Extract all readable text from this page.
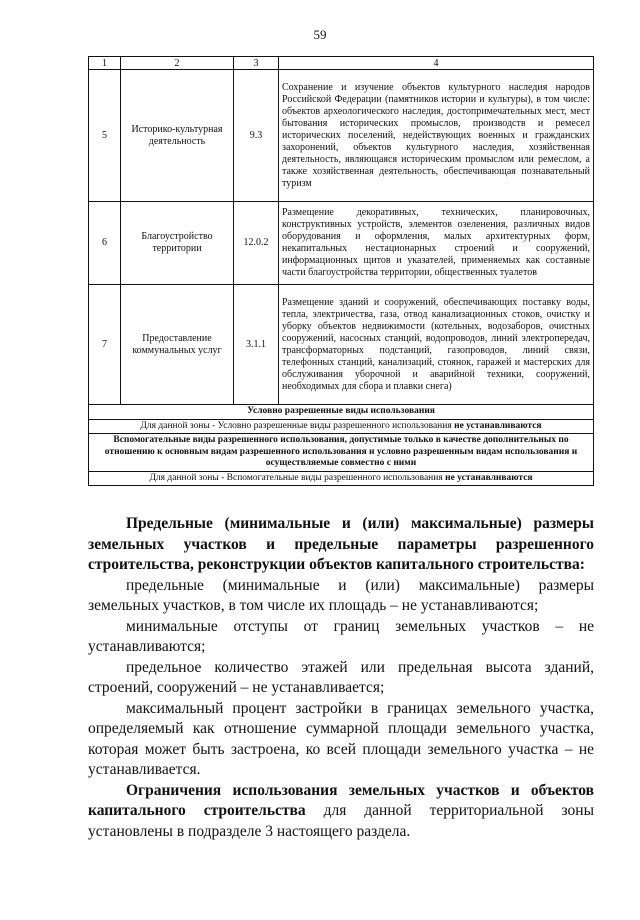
59
1	2	3	4
5	Историко-культурная деятельность	9.3	Сохранение и изучение объектов культурного наследия народов Российской Федерации (памятников истории и культуры), в том числе: объектов археологического наследия, достопримечательных мест, мест бытования исторических промыслов, производств и ремесел исторических поселений, недействующих военных и гражданских захоронений, объектов культурного наследия, хозяйственная деятельность, являющаяся историческим промыслом или ремеслом, а также хозяйственная деятельность, обеспечивающая познавательный туризм
6	Благоустройство территории	12.0.2	Размещение декоративных, технических, планировочных, конструктивных устройств, элементов озеленения, различных видов оборудования и оформления, малых архитектурных форм, некапитальных нестационарных строений и сооружений, информационных щитов и указателей, применяемых как составные части благоустройства территории, общественных туалетов
7	Предоставление коммунальных услуг	3.1.1	Размещение зданий и сооружений, обеспечивающих поставку воды, тепла, электричества, газа, отвод канализационных стоков, очистку и уборку объектов недвижимости (котельных, водозаборов, очистных сооружений, насосных станций, водопроводов, линий электропередач, трансформаторных подстанций, газопроводов, линий связи, телефонных станций, канализаций, стоянок, гаражей и мастерских для обслуживания уборочной и аварийной техники, сооружений, необходимых для сбора и плавки снега)
Условно разрешенные виды использования			
Для данной зоны - Условно разрешенные виды разрешенного использования не устанавливаются			
Вспомогательные виды разрешенного использования, допустимые только в качестве дополнительных по отношению к основным видам разрешенного использования и условно разрешенным видам использования и осуществляемые совместно с ними			
Для данной зоны - Вспомогательные виды разрешенного использования не устанавливаются			

Предельные (минимальные и (или) максимальные) размеры земельных участков и предельные параметры разрешенного строительства, реконструкции объектов капитального строительства:

предельные (минимальные и (или) максимальные) размеры земельных участков, в том числе их площадь – не устанавливаются;

минимальные отступы от границ земельных участков – не устанавливаются;

предельное количество этажей или предельная высота зданий, строений, сооружений – не устанавливается;

максимальный процент застройки в границах земельного участка, определяемый как отношение суммарной площади земельного участка, которая может быть застроена, ко всей площади земельного участка – не устанавливается.

Ограничения использования земельных участков и объектов капитального строительства для данной территориальной зоны установлены в подразделе 3 настоящего раздела.
